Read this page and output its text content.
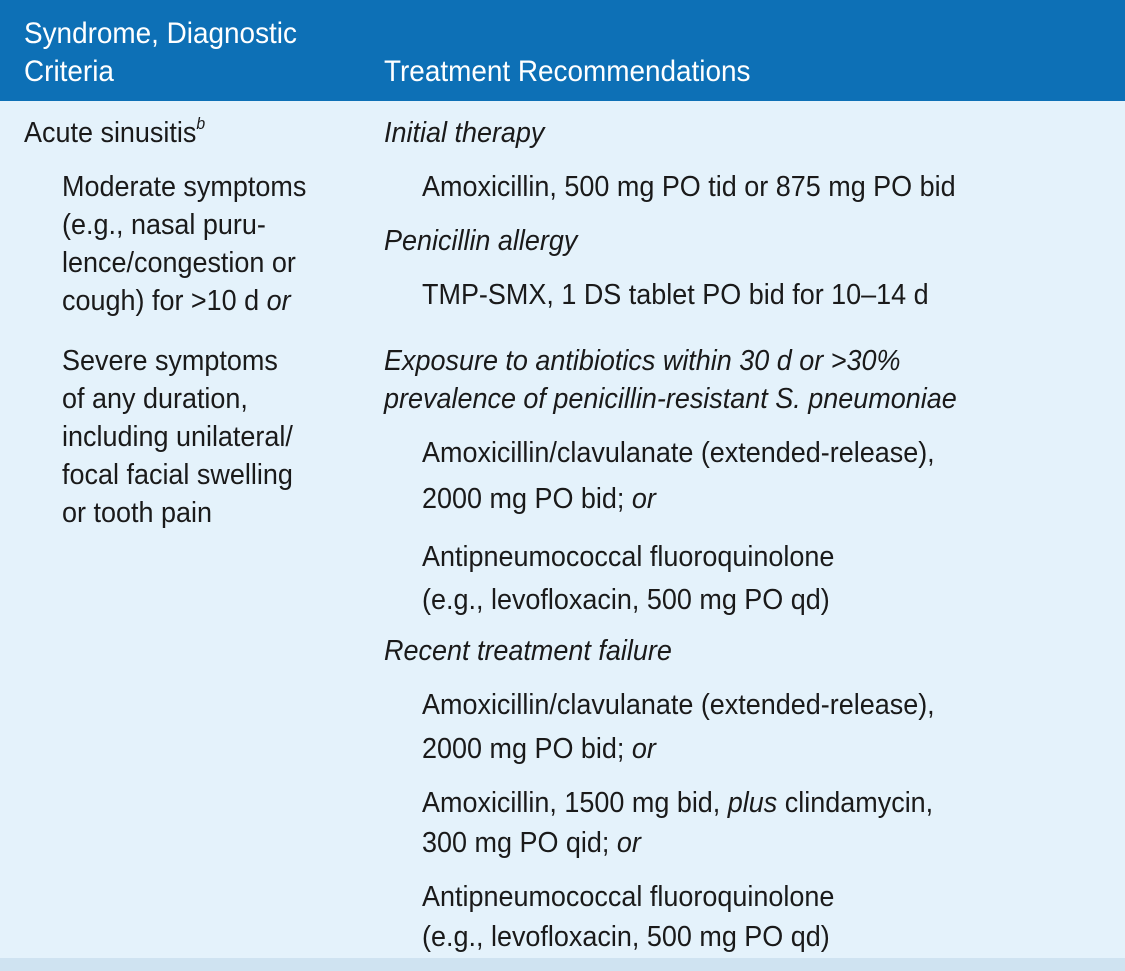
Syndrome, Diagnostic
Criteria	Treatment Recommendations
Acute sinusitis$^b$
Moderate symptoms
(e.g., nasal puru-
lence/congestion or
cough) for >10 d or
Severe symptoms
of any duration,
including unilateral/
focal facial swelling
or tooth pain
Initial therapy
Amoxicillin, 500 mg PO tid or 875 mg PO bid
Penicillin allergy
TMP-SMX, 1 DS tablet PO bid for 10–14 d
Exposure to antibiotics within 30 d or >30%
prevalence of penicillin-resistant S. pneumoniae
Amoxicillin/clavulanate (extended-release),
2000 mg PO bid; or
Antipneumococcal fluoroquinolone
(e.g., levofloxacin, 500 mg PO qd)
Recent treatment failure
Amoxicillin/clavulanate (extended-release),
2000 mg PO bid; or
Amoxicillin, 1500 mg bid, plus clindamycin,
300 mg PO qid; or
Antipneumococcal fluoroquinolone
(e.g., levofloxacin, 500 mg PO qd)
